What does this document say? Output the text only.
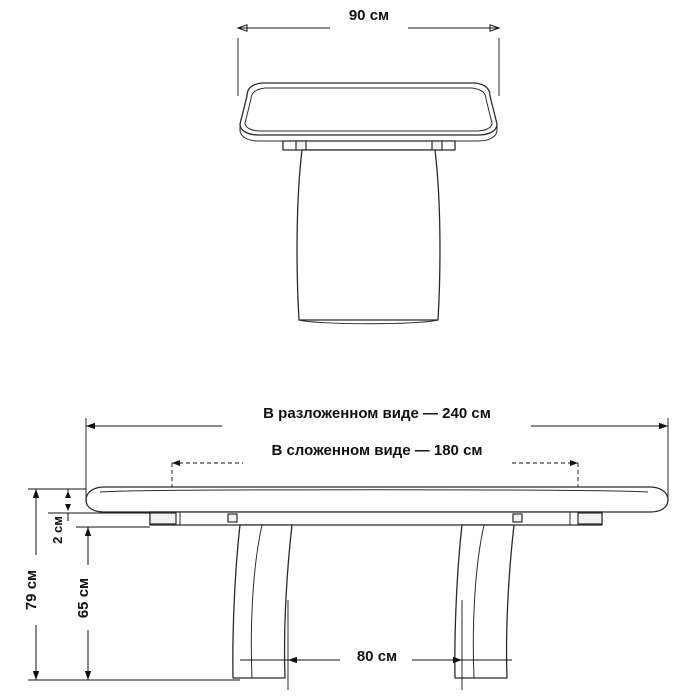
90 см
В разложенном виде — 240 см
В сложенном виде — 180 см
79 см 65 см
2 см
80 см
